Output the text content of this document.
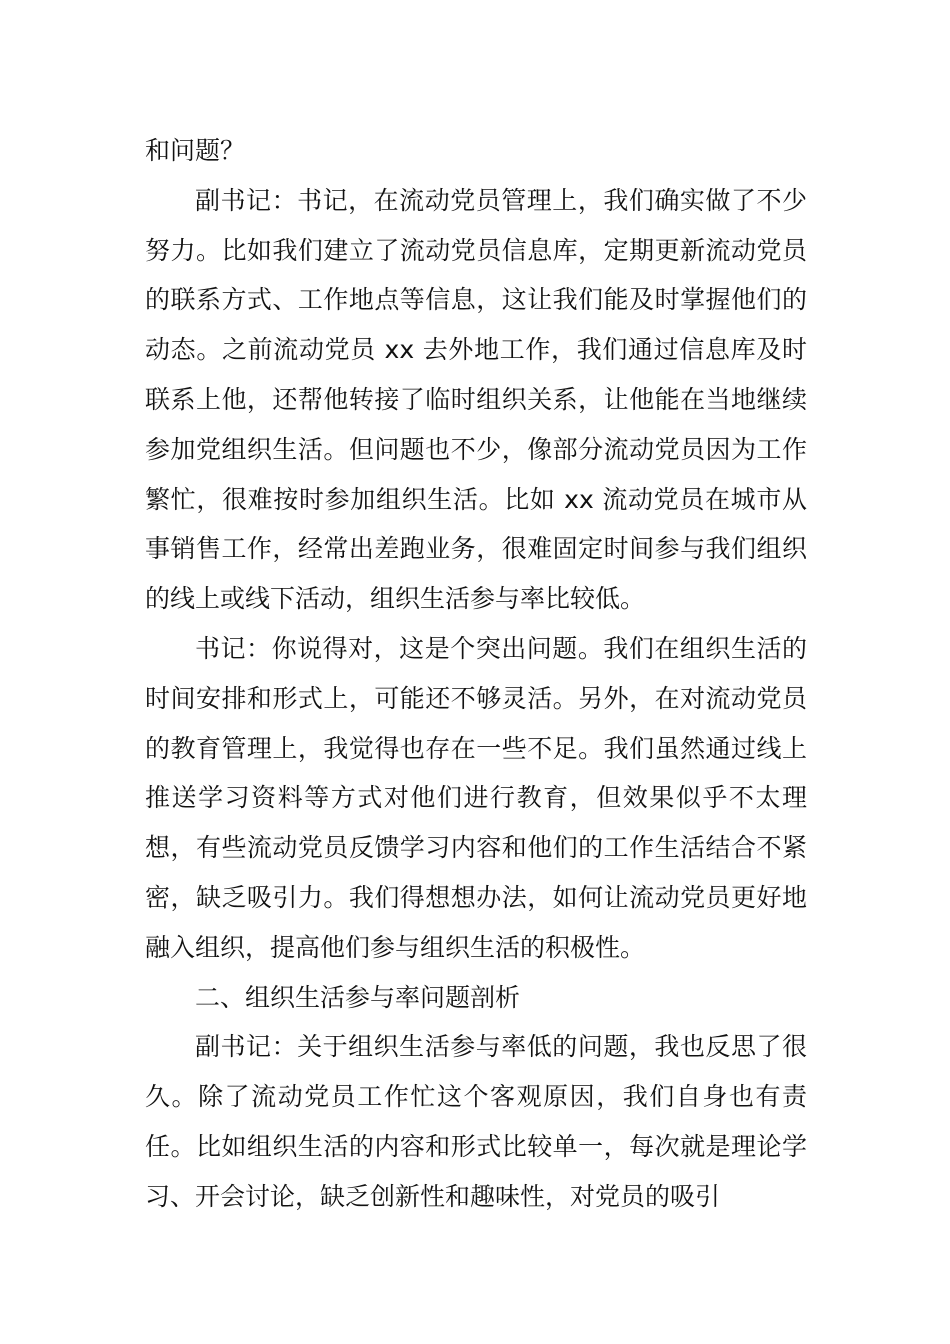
和问题？

副书记：书记，在流动党员管理上，我们确实做了不少努力。比如我们建立了流动党员信息库，定期更新流动党员的联系方式、工作地点等信息，这让我们能及时掌握他们的动态。之前流动党员 xx 去外地工作，我们通过信息库及时联系上他，还帮他转接了临时组织关系，让他能在当地继续参加党组织生活。但问题也不少，像部分流动党员因为工作繁忙，很难按时参加组织生活。比如 xx 流动党员在城市从事销售工作，经常出差跑业务，很难固定时间参与我们组织的线上或线下活动，组织生活参与率比较低。

书记：你说得对，这是个突出问题。我们在组织生活的时间安排和形式上，可能还不够灵活。另外，在对流动党员的教育管理上，我觉得也存在一些不足。我们虽然通过线上推送学习资料等方式对他们进行教育，但效果似乎不太理想，有些流动党员反馈学习内容和他们的工作生活结合不紧密，缺乏吸引力。我们得想想办法，如何让流动党员更好地融入组织，提高他们参与组织生活的积极性。

二、组织生活参与率问题剖析

副书记：关于组织生活参与率低的问题，我也反思了很久。除了流动党员工作忙这个客观原因，我们自身也有责任。比如组织生活的内容和形式比较单一，每次就是理论学习、开会讨论，缺乏创新性和趣味性，对党员的吸引
